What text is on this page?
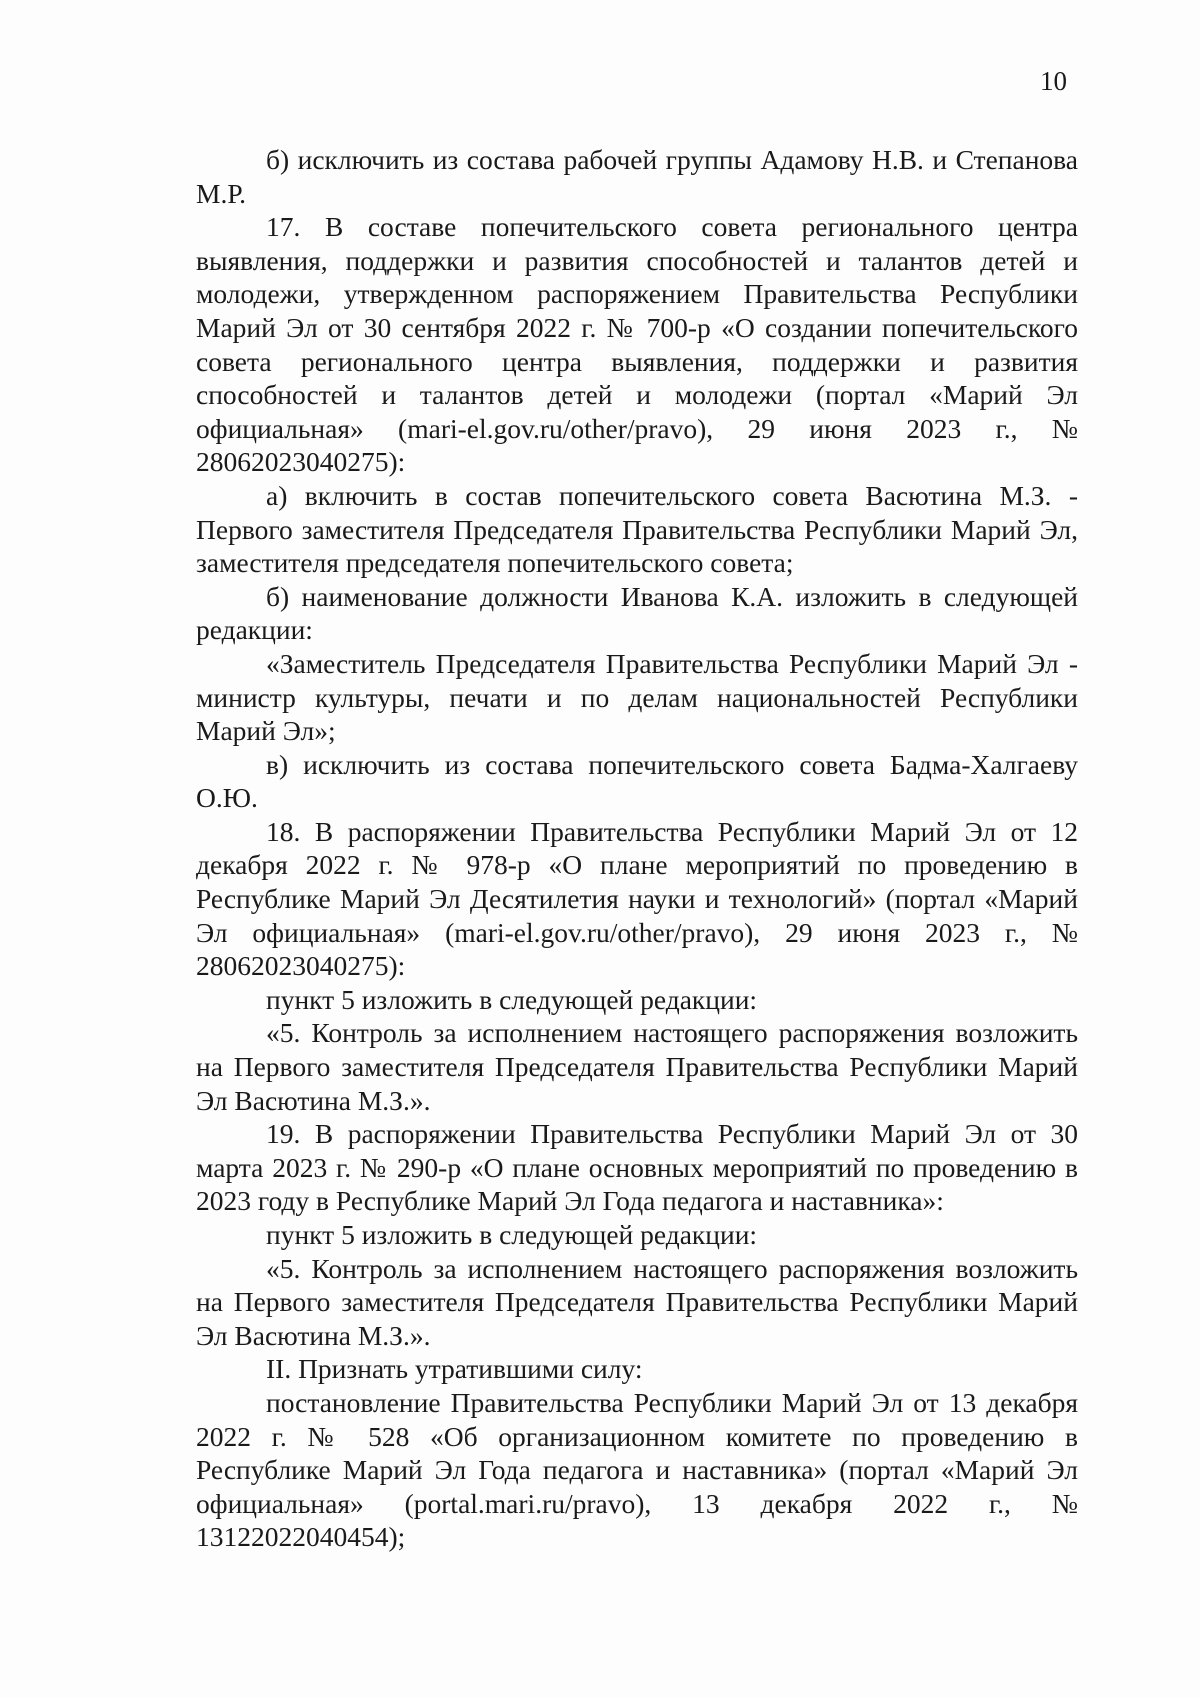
10

б) исключить из состава рабочей группы Адамову Н.В. и Степанова М.Р.

17. В составе попечительского совета регионального центра выявления, поддержки и развития способностей и талантов детей и молодежи, утвержденном распоряжением Правительства Республики Марий Эл от 30 сентября 2022 г. № 700-р «О создании попечительского совета регионального центра выявления, поддержки и развития способностей и талантов детей и молодежи (портал «Марий Эл официальная» (mari-el.gov.ru/other/pravo), 29 июня 2023 г., № 28062023040275):

а) включить в состав попечительского совета Васютина М.З. - Первого заместителя Председателя Правительства Республики Марий Эл, заместителя председателя попечительского совета;

б) наименование должности Иванова К.А. изложить в следующей редакции:

«Заместитель Председателя Правительства Республики Марий Эл - министр культуры, печати и по делам национальностей Республики Марий Эл»;

в) исключить из состава попечительского совета Бадма-Халгаеву О.Ю.

18. В распоряжении Правительства Республики Марий Эл от 12 декабря 2022 г. № 978-р «О плане мероприятий по проведению в Республике Марий Эл Десятилетия науки и технологий» (портал «Марий Эл официальная» (mari-el.gov.ru/other/pravo), 29 июня 2023 г., № 28062023040275):

пункт 5 изложить в следующей редакции:

«5. Контроль за исполнением настоящего распоряжения возложить на Первого заместителя Председателя Правительства Республики Марий Эл Васютина М.З.».

19. В распоряжении Правительства Республики Марий Эл от 30 марта 2023 г. № 290-р «О плане основных мероприятий по проведению в 2023 году в Республике Марий Эл Года педагога и наставника»:

пункт 5 изложить в следующей редакции:

«5. Контроль за исполнением настоящего распоряжения возложить на Первого заместителя Председателя Правительства Республики Марий Эл Васютина М.З.».

II. Признать утратившими силу:

постановление Правительства Республики Марий Эл от 13 декабря 2022 г. № 528 «Об организационном комитете по проведению в Республике Марий Эл Года педагога и наставника» (портал «Марий Эл официальная» (portal.mari.ru/pravo), 13 декабря 2022 г., № 13122022040454);
